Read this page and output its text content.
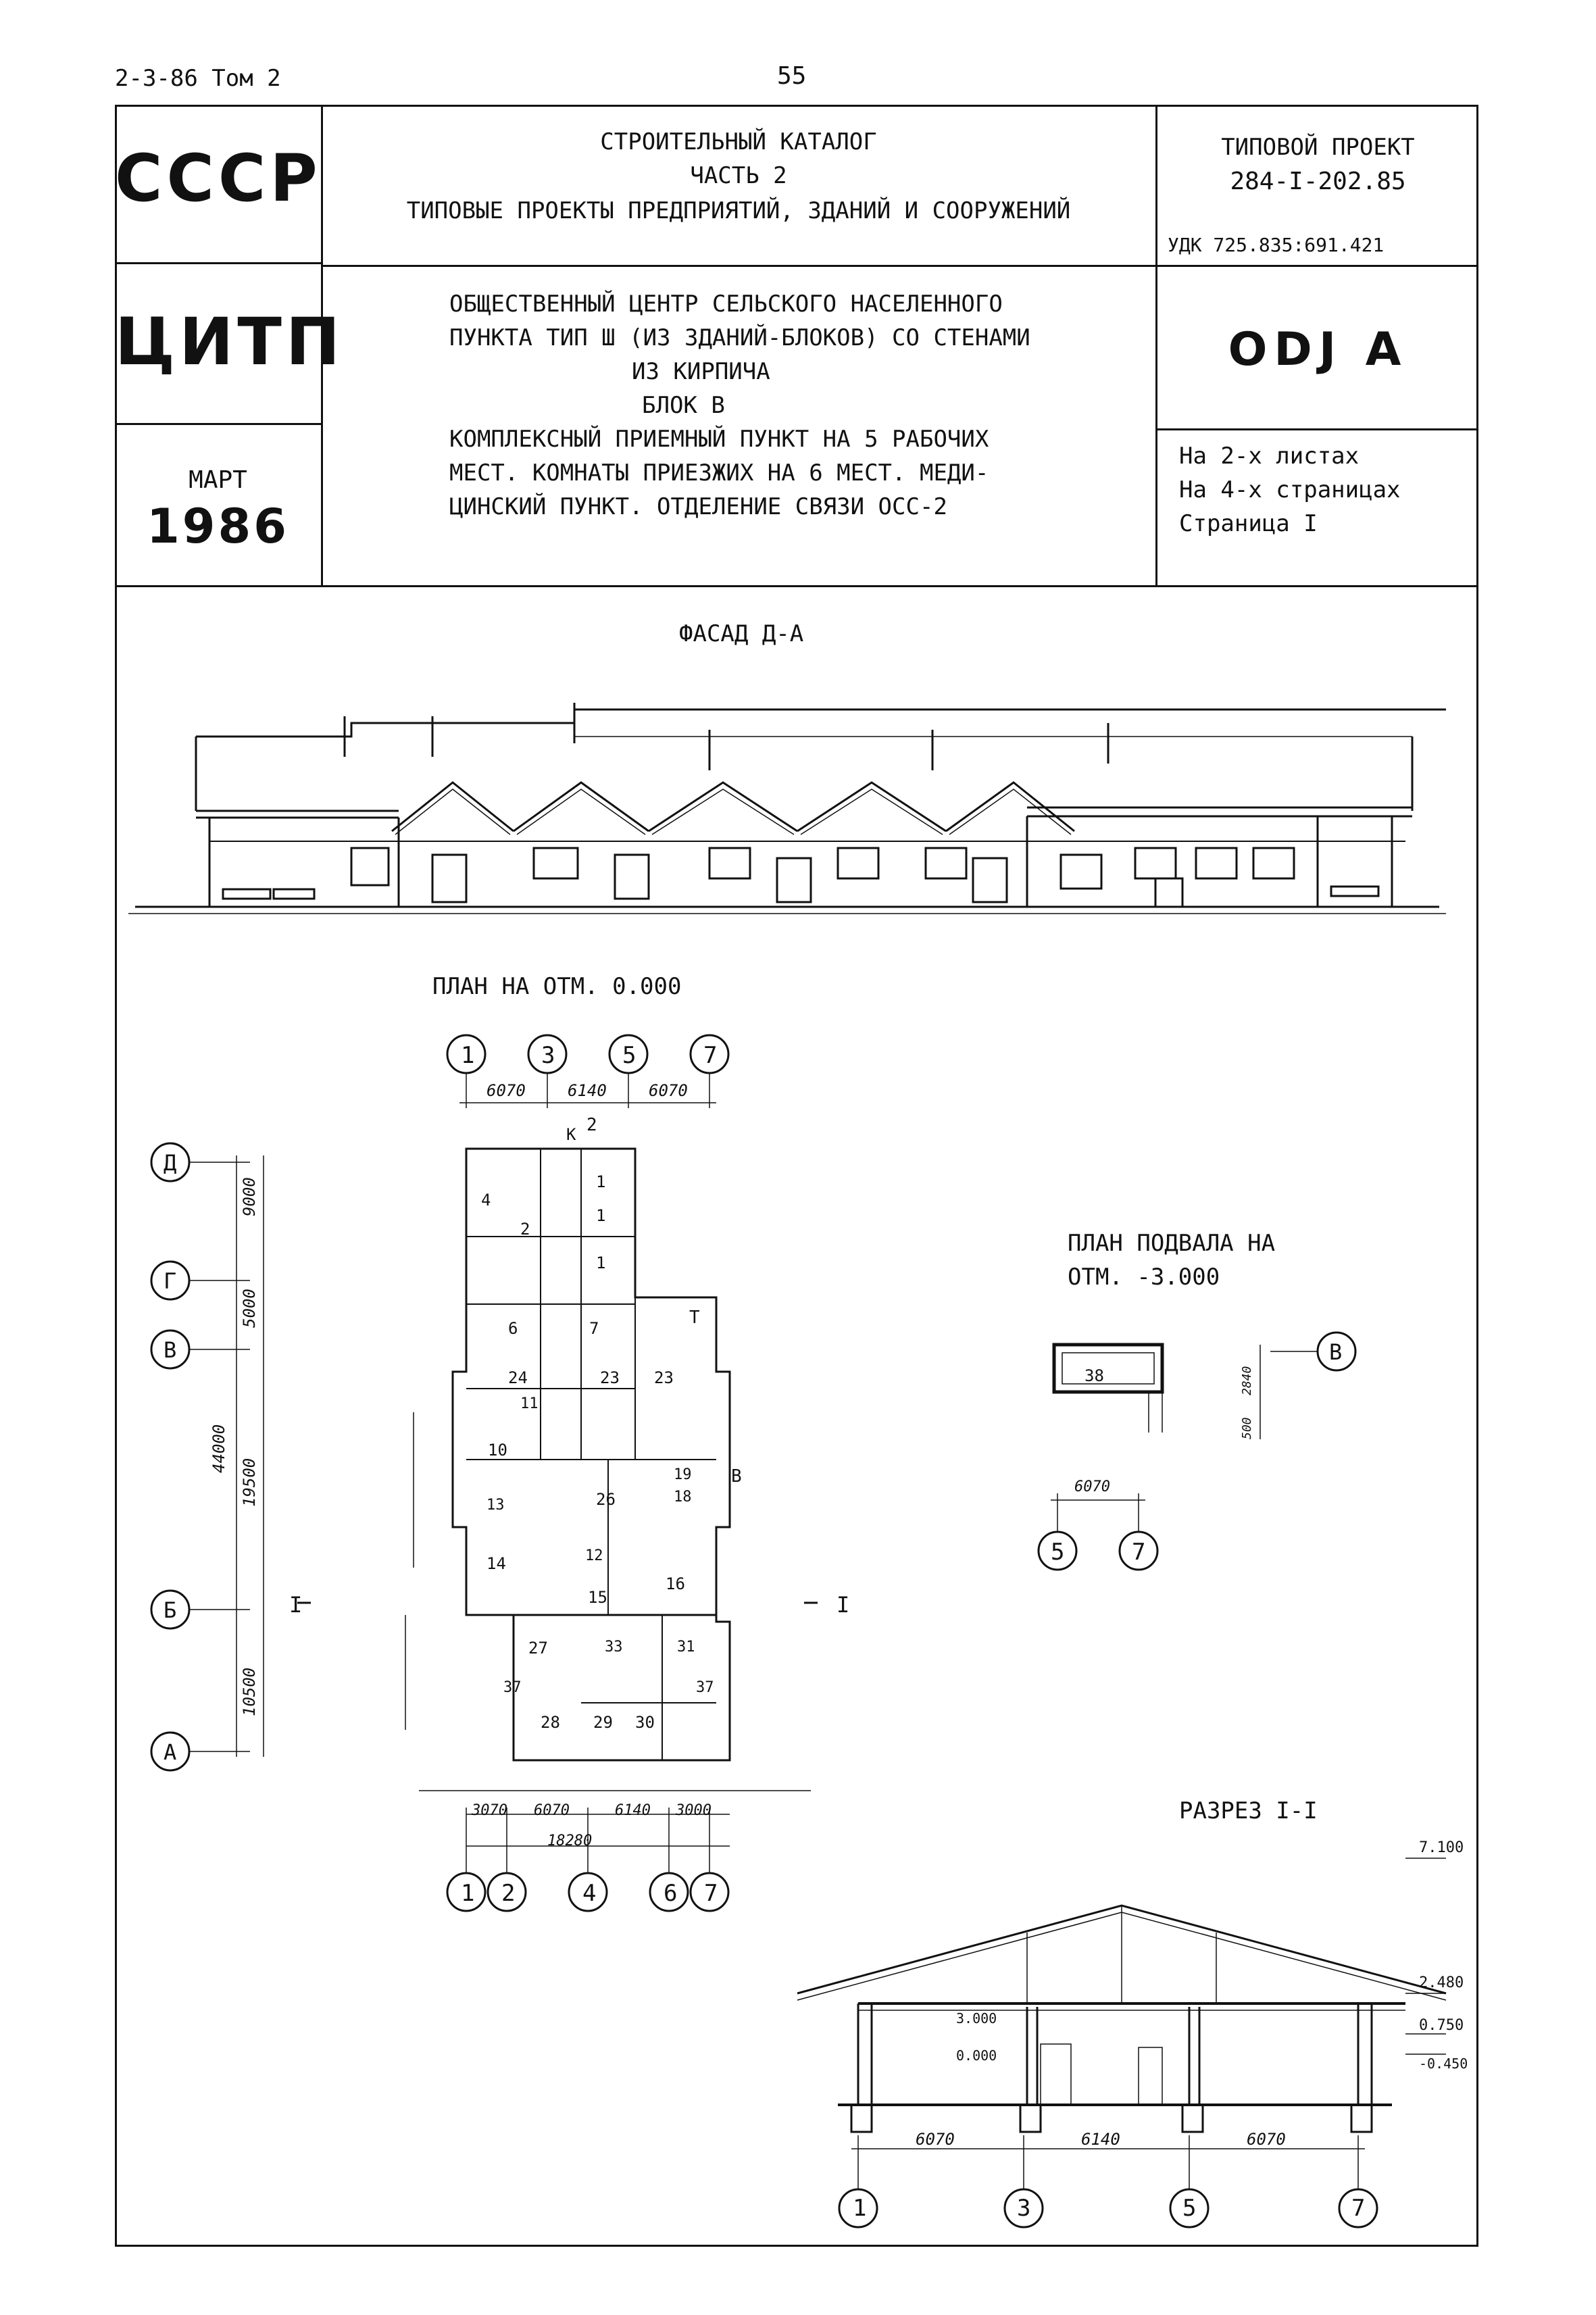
2-3-86 Том 2	55
СССР
ЦИТП
МАРТ
1986
СТРОИТЕЛЬНЫЙ КАТАЛОГ
ЧАСТЬ 2
ТИПОВЫЕ ПРОЕКТЫ ПРЕДПРИЯТИЙ, ЗДАНИЙ И СООРУЖЕНИЙ
ТИПОВОЙ ПРОЕКТ
284-I-202.85
УДК 725.835:691.421
ОБЩЕСТВЕННЫЙ ЦЕНТР СЕЛЬСКОГО НАСЕЛЕННОГО
ПУНКТА ТИП Ш (ИЗ ЗДАНИЙ-БЛОКОВ) СО СТЕНАМИ
ИЗ КИРПИЧА
БЛОК В
КОМПЛЕКСНЫЙ ПРИЕМНЫЙ ПУНКТ НА 5 РАБОЧИХ
МЕСТ. КОМНАТЫ ПРИЕЗЖИХ НА 6 МЕСТ. МЕДИ-
ЦИНСКИЙ ПУНКТ. ОТДЕЛЕНИЕ СВЯЗИ ОСС-2
ОDJ А
На 2-х листах
На 4-х страницах
Страница I
ФАСАД Д-А
ПЛАН НА ОТМ. 0.000
ПЛАН ПОДВАЛА НА
ОТМ. -3.000
РАЗРЕЗ I-I
1	3	5	7
6070	6140	6070
Д
Г
В
Б
А
9000
5000
19500
10500
44000
3070 6070	6140 3000
18280
1 2	4	6 7
I	I
2
К
Т
В
1
1
1
2
4
6	7
10
11
12
13
14
15
16
18
19
23 23
24
26
27
28 29 30
31
33
37	37
38
6070
2840
500
В
5	7
1	3	5	7
6070	6140	6070
7.100
2.480
0.750
-0.450
3.000
0.000
